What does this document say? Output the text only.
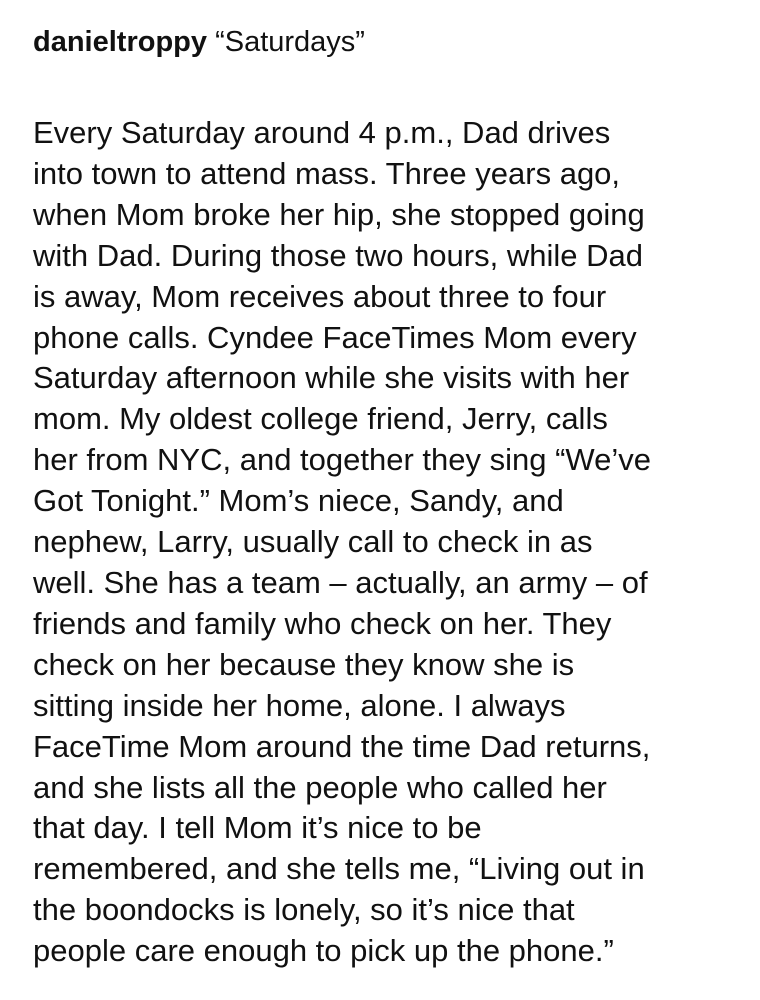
danieltroppy “Saturdays”
Every Saturday around 4 p.m., Dad drives
into town to attend mass. Three years ago,
when Mom broke her hip, she stopped going
with Dad. During those two hours, while Dad
is away, Mom receives about three to four
phone calls. Cyndee FaceTimes Mom every
Saturday afternoon while she visits with her
mom. My oldest college friend, Jerry, calls
her from NYC, and together they sing “We’ve
Got Tonight.” Mom’s niece, Sandy, and
nephew, Larry, usually call to check in as
well. She has a team – actually, an army – of
friends and family who check on her. They
check on her because they know she is
sitting inside her home, alone. I always
FaceTime Mom around the time Dad returns,
and she lists all the people who called her
that day. I tell Mom it’s nice to be
remembered, and she tells me, “Living out in
the boondocks is lonely, so it’s nice that
people care enough to pick up the phone.”
